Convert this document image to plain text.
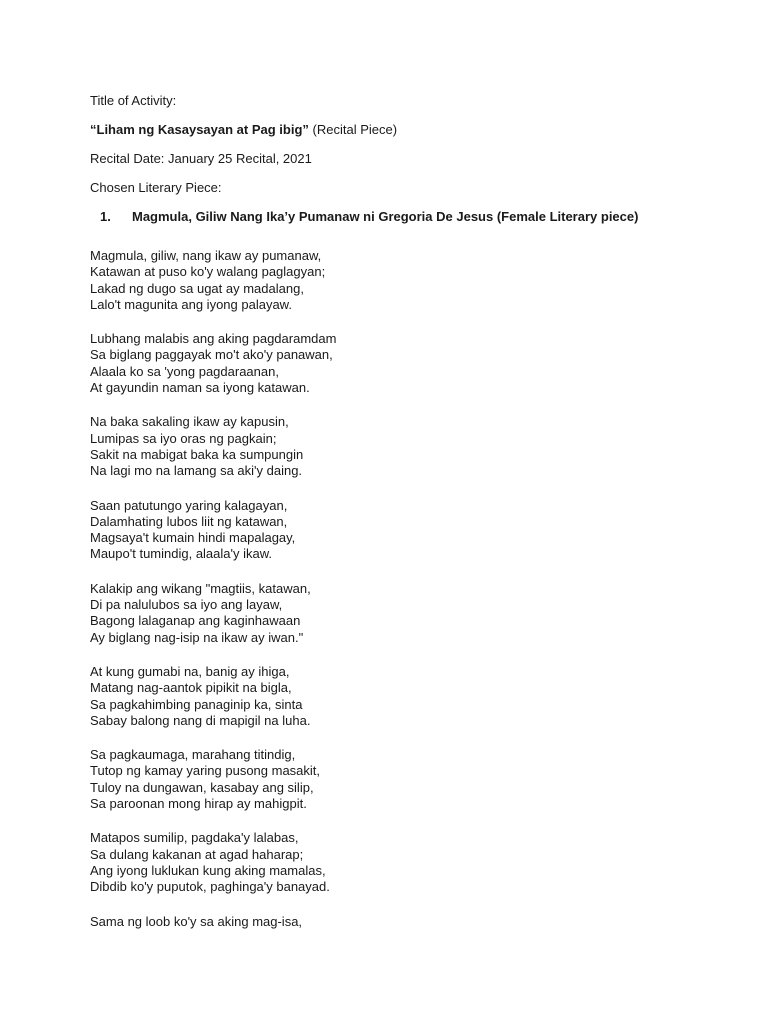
Title of Activity:
“Liham ng Kasaysayan at Pag ibig” (Recital Piece)
Recital Date: January 25 Recital, 2021
Chosen Literary Piece:
1.	Magmula, Giliw Nang Ika’y Pumanaw ni Gregoria De Jesus (Female Literary piece)
Magmula, giliw, nang ikaw ay pumanaw,
Katawan at puso ko'y walang paglagyan;
Lakad ng dugo sa ugat ay madalang,
Lalo't magunita ang iyong palayaw.
Lubhang malabis ang aking pagdaramdam
Sa biglang paggayak mo't ako'y panawan,
Alaala ko sa 'yong pagdaraanan,
At gayundin naman sa iyong katawan.
Na baka sakaling ikaw ay kapusin,
Lumipas sa iyo oras ng pagkain;
Sakit na mabigat baka ka sumpungin
Na lagi mo na lamang sa aki'y daing.
Saan patutungo yaring kalagayan,
Dalamhating lubos liit ng katawan,
Magsaya't kumain hindi mapalagay,
Maupo't tumindig, alaala'y ikaw.
Kalakip ang wikang "magtiis, katawan,
Di pa nalulubos sa iyo ang layaw,
Bagong lalaganap ang kaginhawaan
Ay biglang nag-isip na ikaw ay iwan."
At kung gumabi na, banig ay ihiga,
Matang nag-aantok pipikit na bigla,
Sa pagkahimbing panaginip ka, sinta
Sabay balong nang di mapigil na luha.
Sa pagkaumaga, marahang titindig,
Tutop ng kamay yaring pusong masakit,
Tuloy na dungawan, kasabay ang silip,
Sa paroonan mong hirap ay mahigpit.
Matapos sumilip, pagdaka'y lalabas,
Sa dulang kakanan at agad haharap;
Ang iyong luklukan kung aking mamalas,
Dibdib ko'y puputok, paghinga'y banayad.
Sama ng loob ko'y sa aking mag-isa,
